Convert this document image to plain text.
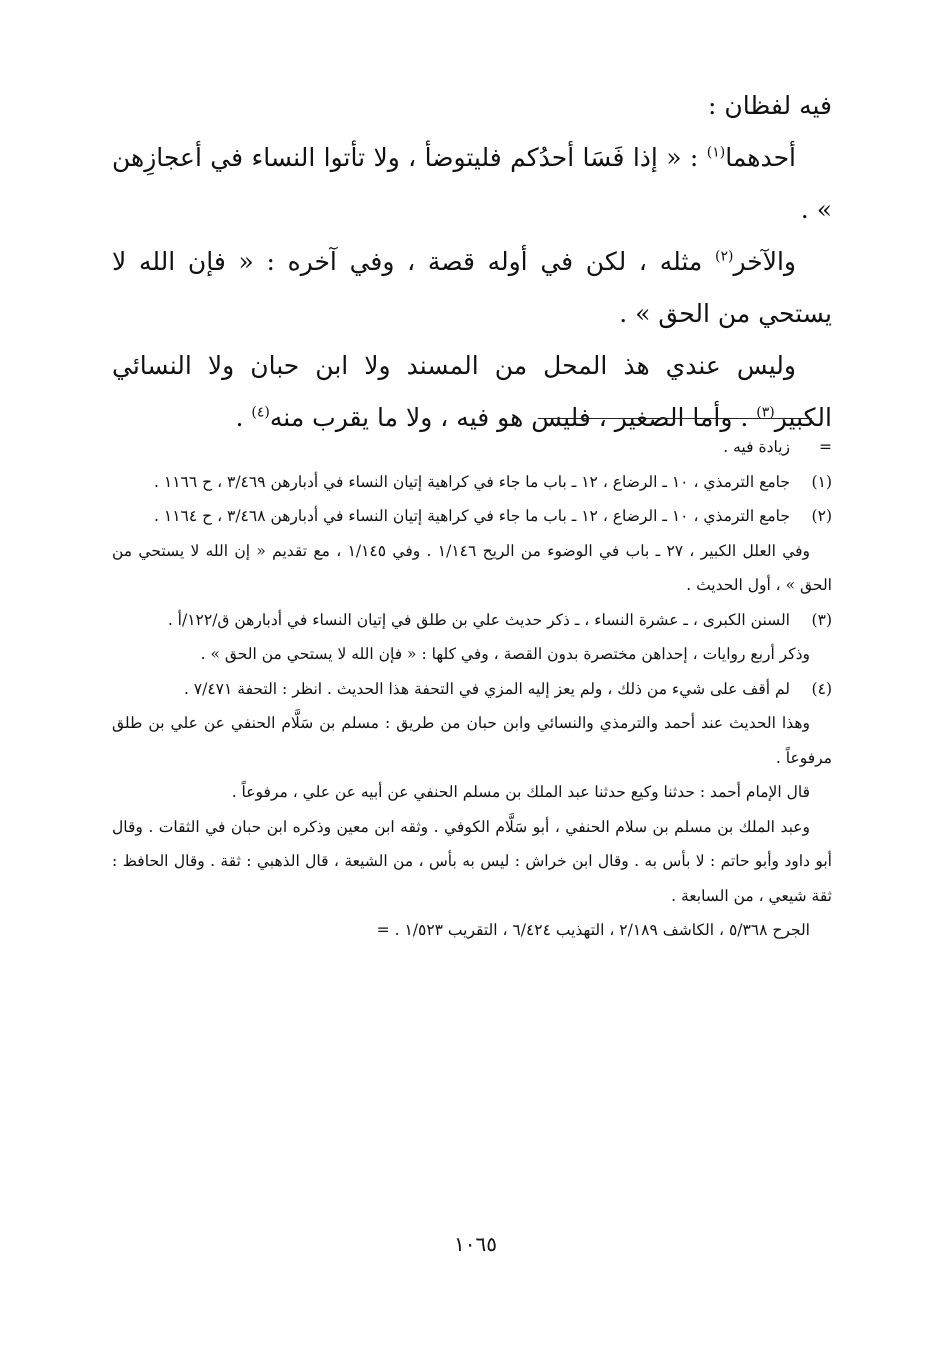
فيه لفظان :

أحدهما$^{(١)}$ : « إذا فَسَا أحدُكم فليتوضأ ، ولا تأتوا النساء في أعجازِهن » .

والآخر$^{(٢)}$ مثله ، لكن في أوله قصة ، وفي آخره : « فإن الله لا يستحي من الحق » .

وليس عندي هذ المحل من المسند ولا ابن حبان ولا النسائي الكبير$^{(٣)}$ . وأما الصغير ، فليس هو فيه ، ولا ما يقرب منه$^{(٤)}$ .

=
زيادة فيه .
(١)
جامع الترمذي ، ١٠ ـ الرضاع ، ١٢ ـ باب ما جاء في كراهية إتيان النساء في أدبارهن ٣/٤٦٩ ، ح ١١٦٦ .
(٢)
جامع الترمذي ، ١٠ ـ الرضاع ، ١٢ ـ باب ما جاء في كراهية إتيان النساء في أدبارهن ٣/٤٦٨ ، ح ١١٦٤ .
وفي العلل الكبير ، ٢٧ ـ باب في الوضوء من الريح ١/١٤٦ . وفي ١/١٤٥ ، مع تقديم « إن الله لا يستحي من الحق » ، أول الحديث .
(٣)
السنن الكبرى ، ـ عشرة النساء ، ـ ذكر حديث علي بن طلق في إتيان النساء في أدبارهن ق/١٢٢/أ .
وذكر أربع روايات ، إحداهن مختصرة بدون القصة ، وفي كلها : « فإن الله لا يستحي من الحق » .
(٤)
لم أقف على شيء من ذلك ، ولم يعز إليه المزي في التحفة هذا الحديث . انظر : التحفة ٧/٤٧١ .
وهذا الحديث عند أحمد والترمذي والنسائي وابن حبان من طريق : مسلم بن سَلَّام الحنفي عن علي بن طلق مرفوعاً .
قال الإمام أحمد : حدثنا وكيع حدثنا عبد الملك بن مسلم الحنفي عن أبيه عن علي ، مرفوعاً .
وعبد الملك بن مسلم بن سلام الحنفي ، أبو سَلَّام الكوفي . وثقه ابن معين وذكره ابن حبان في الثقات . وقال أبو داود وأبو حاتم : لا بأس به . وقال ابن خراش : ليس به بأس ، من الشيعة ، قال الذهبي : ثقة . وقال الحافظ : ثقة شيعي ، من السابعة .
الجرح ٥/٣٦٨ ، الكاشف ٢/١٨٩ ، التهذيب ٦/٤٢٤ ، التقريب ١/٥٢٣ . =
١٠٦٥
